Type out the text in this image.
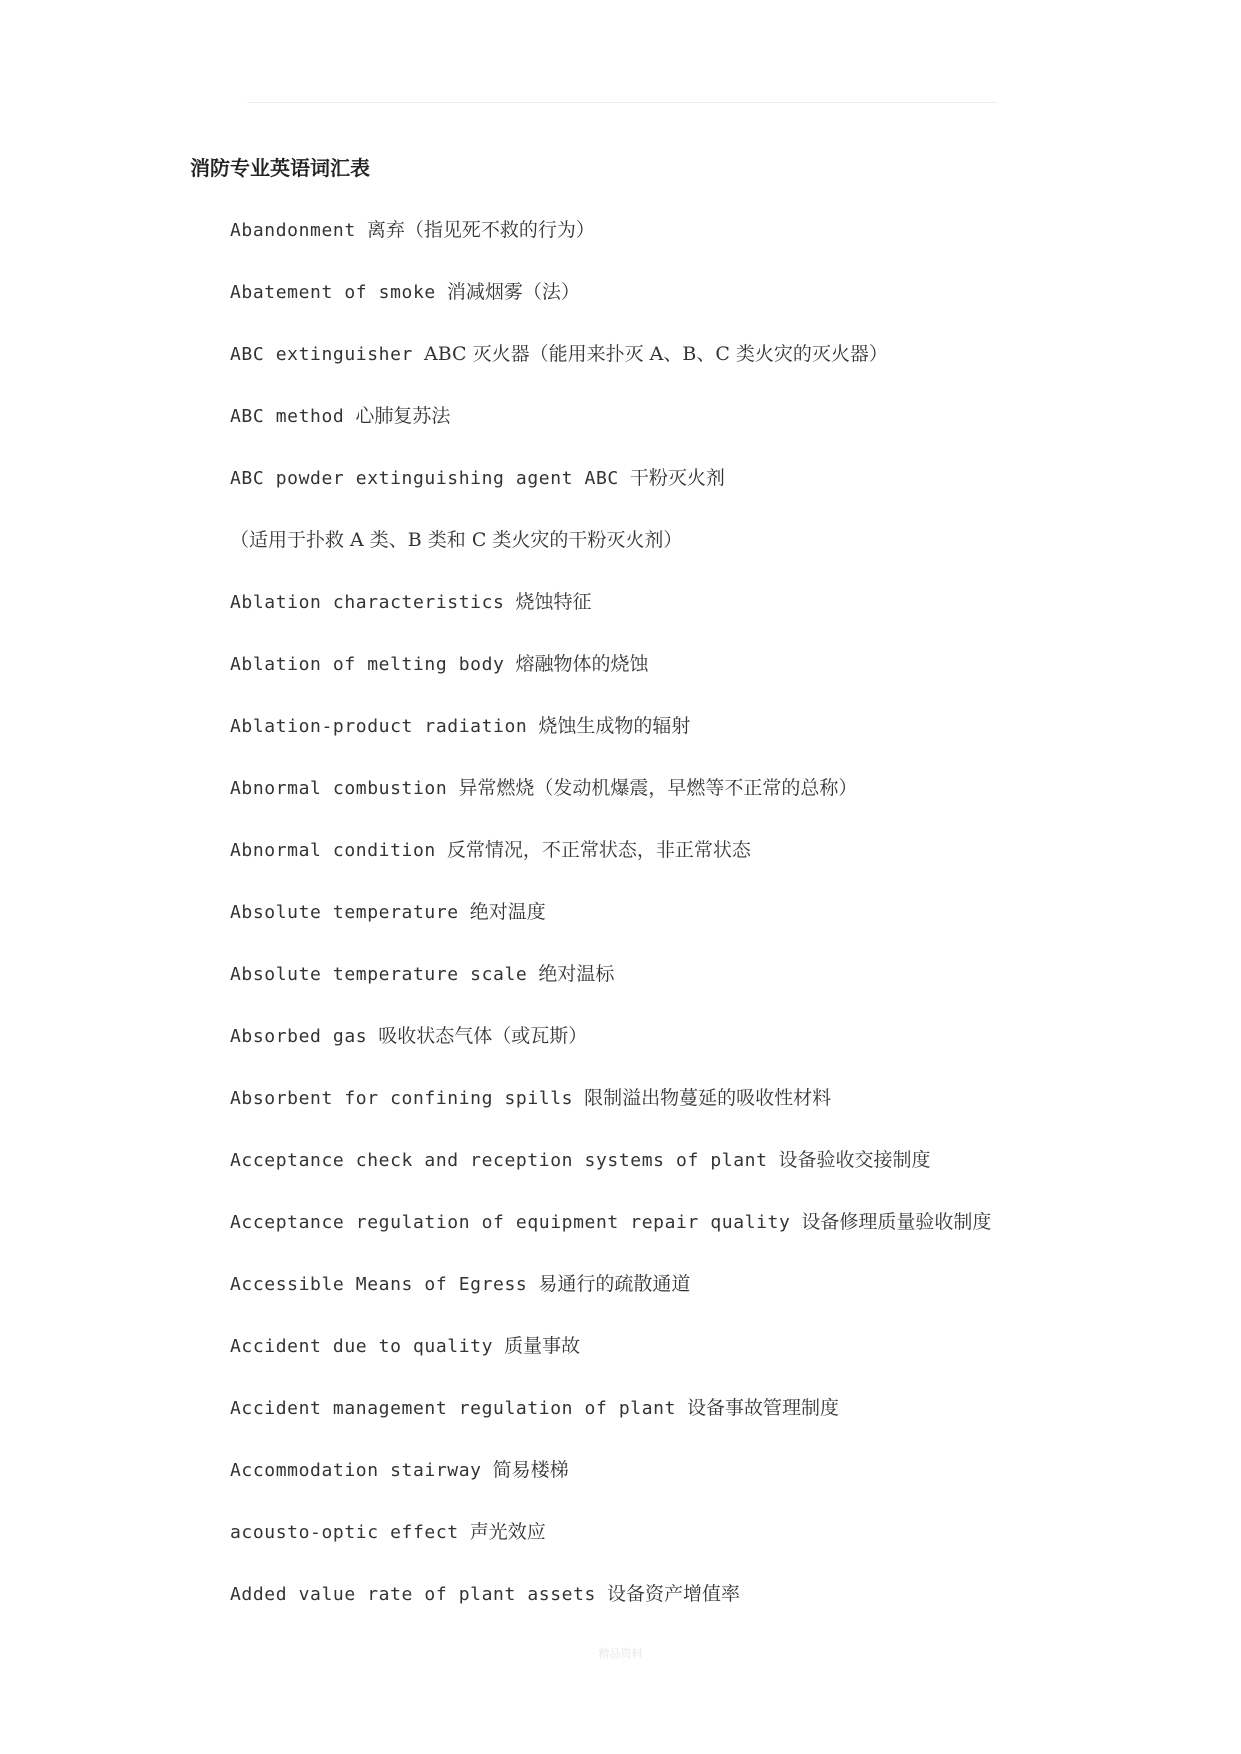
消防专业英语词汇表
Abandonment 离弃（指见死不救的行为）
Abatement of smoke 消减烟雾（法）
ABC extinguisher ABC 灭火器（能用来扑灭 A、B、C 类火灾的灭火器）
ABC method 心肺复苏法
ABC powder extinguishing agent ABC 干粉灭火剂
（适用于扑救 A 类、B 类和 C 类火灾的干粉灭火剂）
Ablation characteristics 烧蚀特征
Ablation of melting body 熔融物体的烧蚀
Ablation-product radiation 烧蚀生成物的辐射
Abnormal combustion 异常燃烧（发动机爆震，早燃等不正常的总称）
Abnormal condition 反常情况，不正常状态，非正常状态
Absolute temperature 绝对温度
Absolute temperature scale 绝对温标
Absorbed gas 吸收状态气体（或瓦斯）
Absorbent for confining spills 限制溢出物蔓延的吸收性材料
Acceptance check and reception systems of plant 设备验收交接制度
Acceptance regulation of equipment repair quality 设备修理质量验收制度
Accessible Means of Egress 易通行的疏散通道
Accident due to quality 质量事故
Accident management regulation of plant 设备事故管理制度
Accommodation stairway 简易楼梯
acousto-optic effect 声光效应
Added value rate of plant assets 设备资产增值率
精品资料
